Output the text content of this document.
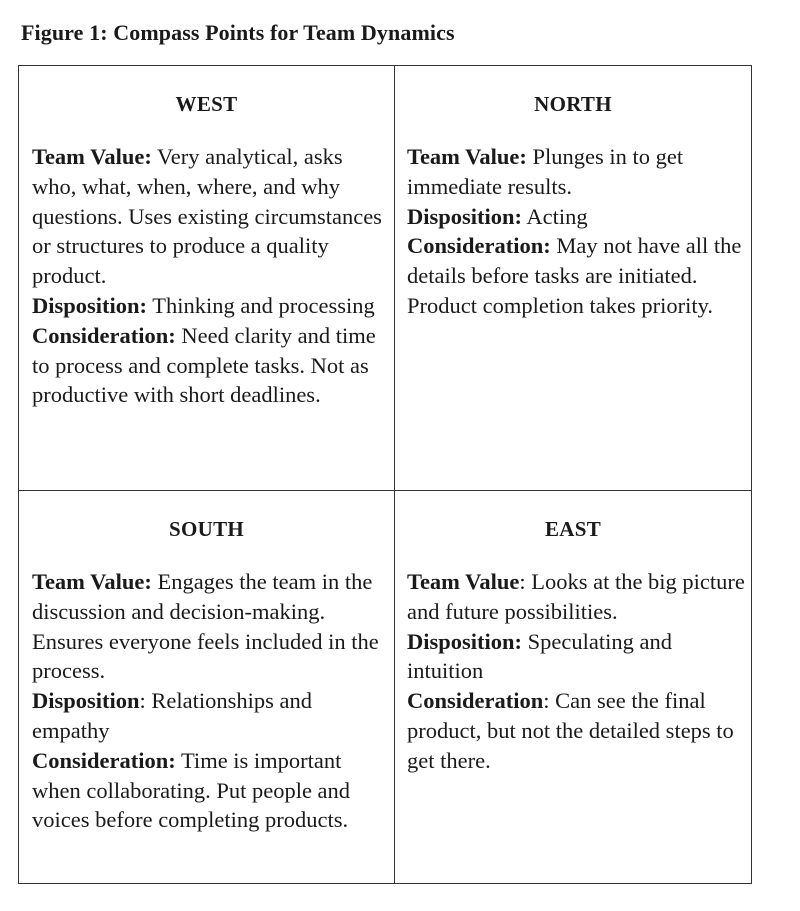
Figure 1: Compass Points for Team Dynamics
WEST

Team Value: Very analytical, asks who, what, when, where, and why questions. Uses existing circumstances or structures to produce a quality product.

Disposition: Thinking and processing

Consideration: Need clarity and time to process and complete tasks. Not as productive with short deadlines.

NORTH

Team Value: Plunges in to get immediate results.

Disposition: Acting

Consideration: May not have all the details before tasks are initiated. Product completion takes priority.

SOUTH

Team Value: Engages the team in the discussion and decision-making. Ensures everyone feels included in the process.

Disposition: Relationships and empathy

Consideration: Time is important when collaborating. Put people and voices before completing products.

EAST

Team Value: Looks at the big picture and future possibilities.

Disposition: Speculating and intuition

Consideration: Can see the final product, but not the detailed steps to get there.
